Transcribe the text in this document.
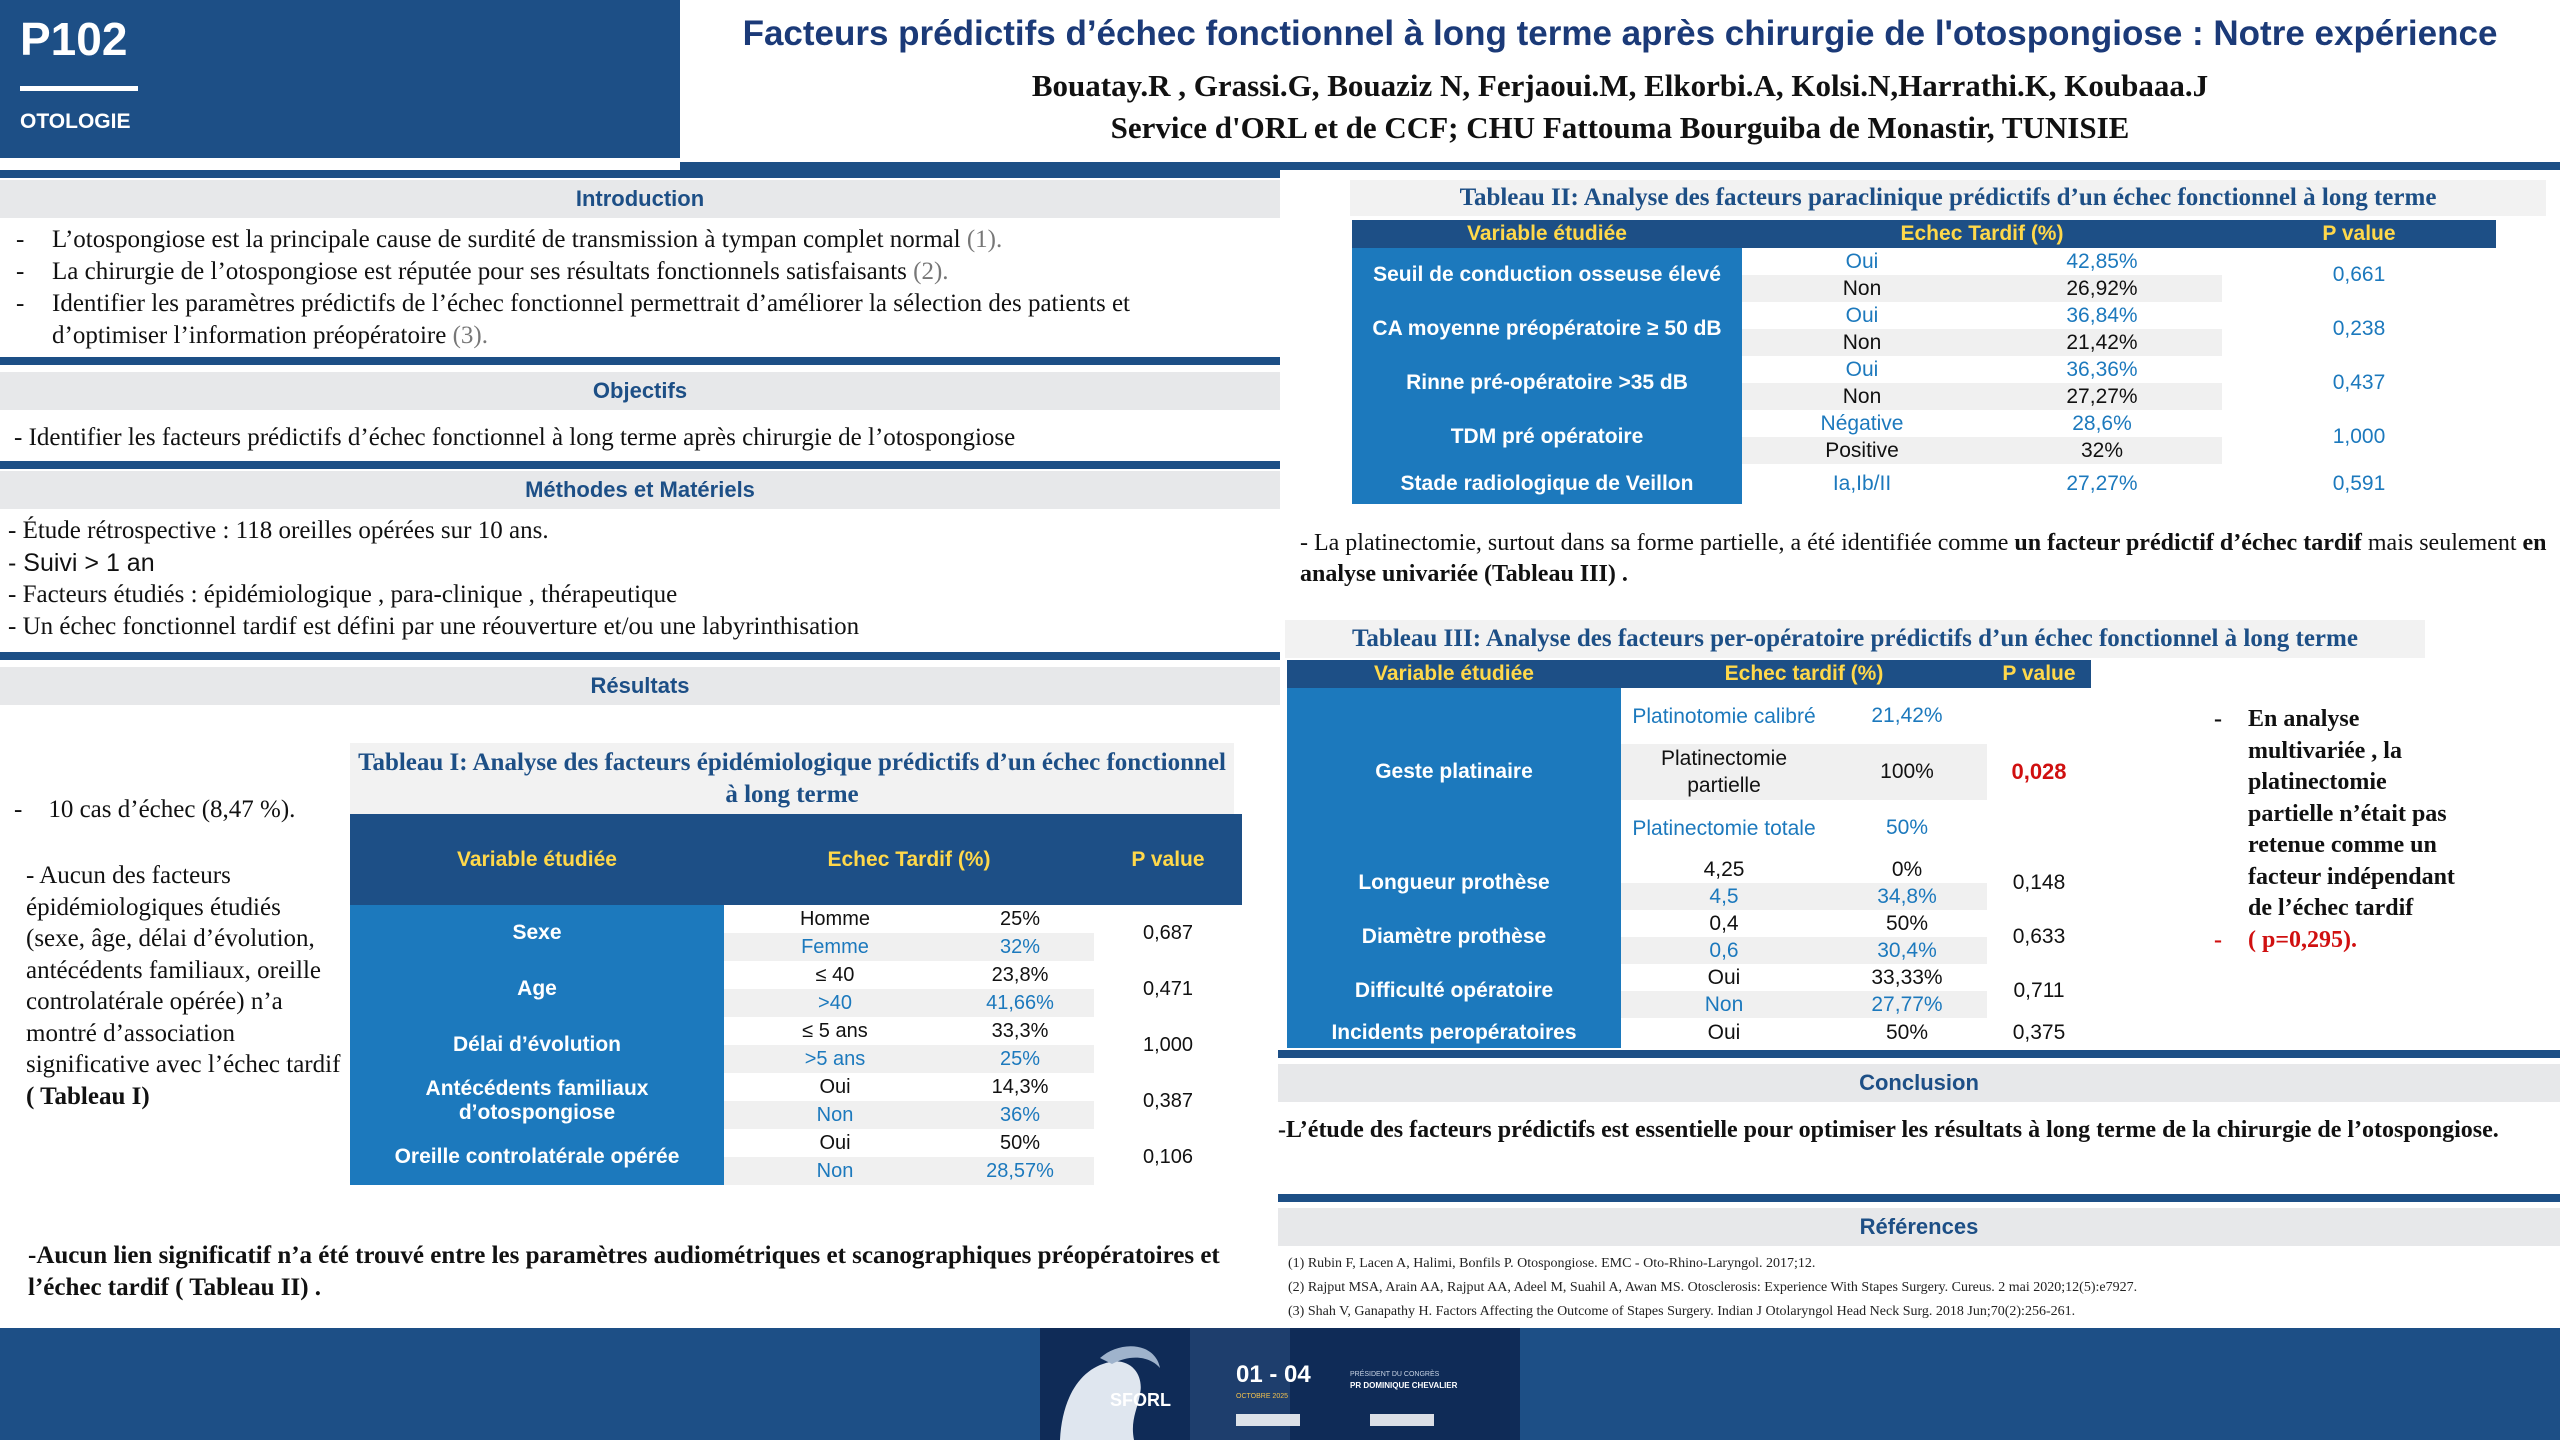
P102
OTOLOGIE
Facteurs prédictifs d’échec fonctionnel à long terme après chirurgie de l'otospongiose : Notre expérience
Bouatay.R , Grassi.G, Bouaziz N, Ferjaoui.M, Elkorbi.A, Kolsi.N,Harrathi.K, Koubaaa.J
Service d'ORL et de CCF; CHU Fattouma Bourguiba de Monastir, TUNISIE
Introduction
- L’otospongiose est la principale cause de surdité de transmission à tympan complet normal (1).
- La chirurgie de l’otospongiose est réputée pour ses résultats fonctionnels satisfaisants (2).
- Identifier les paramètres prédictifs de l’échec fonctionnel permettrait d’améliorer la sélection des patients et d’optimiser l’information préopératoire (3).
Objectifs
- Identifier les facteurs prédictifs d’échec fonctionnel à long terme après chirurgie de l’otospongiose
Méthodes et Matériels
- Étude rétrospective : 118 oreilles opérées sur 10 ans.
- Suivi > 1 an
- Facteurs étudiés : épidémiologique , para-clinique , thérapeutique
- Un échec fonctionnel tardif est défini par une réouverture et/ou une labyrinthisation
Résultats
- 10 cas d’échec (8,47 %).
- Aucun des facteurs épidémiologiques étudiés (sexe, âge, délai d’évolution, antécédents familiaux, oreille controlatérale opérée) n’a montré d’association significative avec l’échec tardif ( Tableau I)
Tableau I: Analyse des facteurs épidémiologique prédictifs d’un échec fonctionnel à long terme
Variable étudiée	Echec Tardif (%)	P value

Sexe	Homme	25%	0,687
	Femme	32%	
Age	≤ 40	23,8%	0,471
	>40	41,66%	
Délai d’évolution	≤ 5 ans	33,3%	1,000
	>5 ans	25%	
Antécédents familiaux d’otospongiose	Oui	14,3%	0,387
	Non	36%	
Oreille controlatérale opérée	Oui	50%	0,106
	Non	28,57%	
-Aucun lien significatif n’a été trouvé entre les paramètres audiométriques et scanographiques préopératoires et l’échec tardif ( Tableau II) .
Tableau II: Analyse des facteurs paraclinique prédictifs d’un échec fonctionnel à long terme
Variable étudiée	Echec Tardif (%)		P value
Seuil de conduction osseuse élevé	Oui	42,85%	0,661
	Non	26,92%	
CA moyenne préopératoire ≥ 50 dB	Oui	36,84%	0,238
	Non	21,42%	
Rinne pré-opératoire >35 dB	Oui	36,36%	0,437
	Non	27,27%	
TDM pré opératoire	Négative	28,6%	1,000
	Positive	32%	
Stade radiologique de Veillon	Ia,Ib/II	27,27%	0,591
- La platinectomie, surtout dans sa forme partielle, a été identifiée comme un facteur prédictif d’échec tardif mais seulement en analyse univariée (Tableau III) .
Tableau III: Analyse des facteurs per-opératoire prédictifs d’un échec fonctionnel à long terme
Variable étudiée	Echec tardif (%)		P value	
Geste platinaire	Platinotomie calibré	21,42%	0,028	
	Platinectomie partielle	100%		
	Platinectomie totale	50%		
Longueur prothèse	4,25	0%	0,148	
	4,5	34,8%		
Diamètre prothèse	0,4	50%	0,633	
	0,6	30,4%		
Difficulté opératoire	Oui	33,33%	0,711	
	Non	27,77%		
Incidents peropératoires	Oui	50%	0,375	
- En analyse multivariée , la platinectomie partielle n’était pas retenue comme un facteur indépendant de l’échec tardif
- ( p=0,295).
Conclusion
-L’étude des facteurs prédictifs est essentielle pour optimiser les résultats à long terme de la chirurgie de l’otospongiose.
Références
(1) Rubin F, Lacen A, Halimi, Bonfils P. Otospongiose. EMC - Oto-Rhino-Laryngol. 2017;12.
(2) Rajput MSA, Arain AA, Rajput AA, Adeel M, Suahil A, Awan MS. Otosclerosis: Experience With Stapes Surgery. Cureus. 2 mai 2020;12(5):e7927.
(3) Shah V, Ganapathy H. Factors Affecting the Outcome of Stapes Surgery. Indian J Otolaryngol Head Neck Surg. 2018 Jun;70(2):256-261.
SFORL
01 - 04
OCTOBRE 2025
PRÉSIDENT DU CONGRÈS
PR DOMINIQUE CHEVALIER
